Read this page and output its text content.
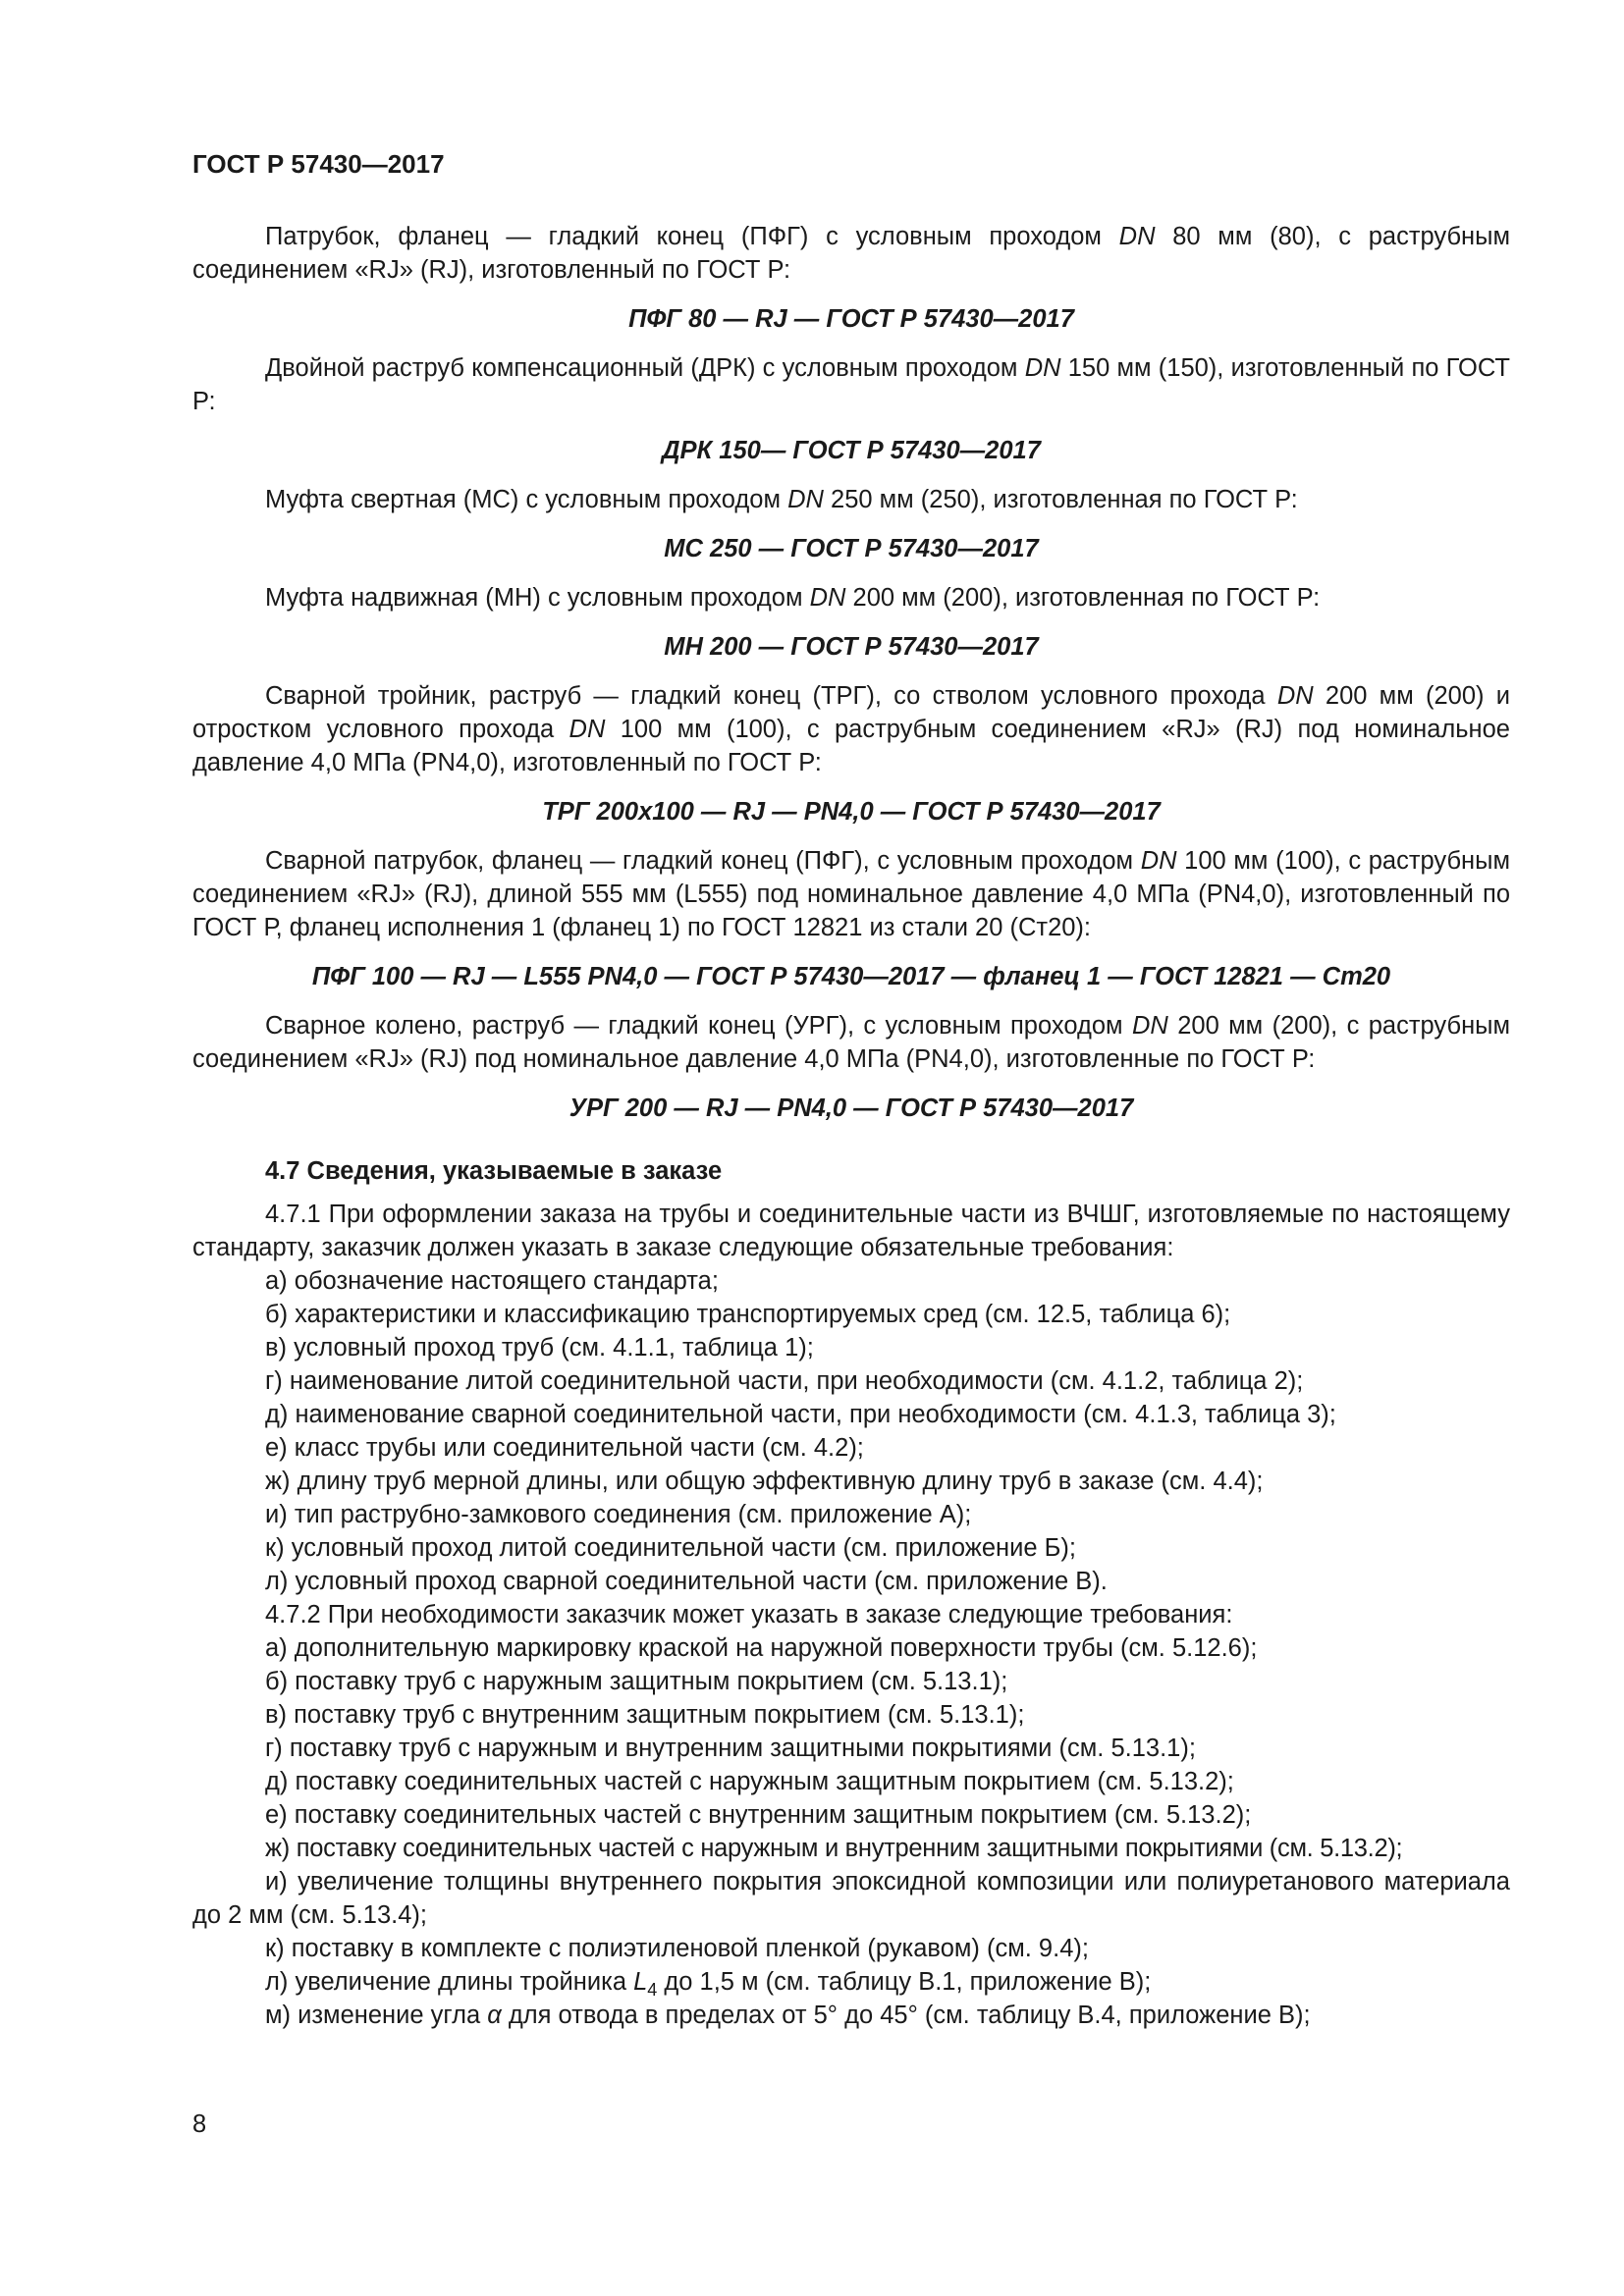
ГОСТ Р 57430—2017

Патрубок, фланец — гладкий конец (ПФГ) с условным проходом DN 80 мм (80), с раструбным соединением «RJ» (RJ), изготовленный по ГОСТ Р:

ПФГ 80 — RJ — ГОСТ Р 57430—2017

Двойной раструб компенсационный (ДРК) с условным проходом DN 150 мм (150), изготовленный по ГОСТ Р:

ДРК 150— ГОСТ Р 57430—2017

Муфта свертная (МС) с условным проходом DN 250 мм (250), изготовленная по ГОСТ Р:

МС 250 — ГОСТ Р 57430—2017

Муфта надвижная (МН) с условным проходом DN 200 мм (200), изготовленная по ГОСТ Р:

МН 200 — ГОСТ Р 57430—2017

Сварной тройник, раструб — гладкий конец (ТРГ), со стволом условного прохода DN 200 мм (200) и отростком условного прохода DN 100 мм (100), с раструбным соединением «RJ» (RJ) под номинальное давление 4,0 МПа (PN4,0), изготовленный по ГОСТ Р:

ТРГ 200х100 — RJ — PN4,0 — ГОСТ Р 57430—2017

Сварной патрубок, фланец — гладкий конец (ПФГ), с условным проходом DN 100 мм (100), с раструбным соединением «RJ» (RJ), длиной 555 мм (L555) под номинальное давление 4,0 МПа (PN4,0), изготовленный по ГОСТ Р, фланец исполнения 1 (фланец 1) по ГОСТ 12821 из стали 20 (Ст20):

ПФГ 100 — RJ — L555 PN4,0 — ГОСТ Р 57430—2017 — фланец 1 — ГОСТ 12821 — Ст20

Сварное колено, раструб — гладкий конец (УРГ), с условным проходом DN 200 мм (200), с раструбным соединением «RJ» (RJ) под номинальное давление 4,0 МПа (PN4,0), изготовленные по ГОСТ Р:

УРГ 200 — RJ — PN4,0 — ГОСТ Р 57430—2017
4.7 Сведения, указываемые в заказе

4.7.1 При оформлении заказа на трубы и соединительные части из ВЧШГ, изготовляемые по настоящему стандарту, заказчик должен указать в заказе следующие обязательные требования:

а) обозначение настоящего стандарта;

б) характеристики и классификацию транспортируемых сред (см. 12.5, таблица 6);

в) условный проход труб (см. 4.1.1, таблица 1);

г) наименование литой соединительной части, при необходимости (см. 4.1.2, таблица 2);

д) наименование сварной соединительной части, при необходимости (см. 4.1.3, таблица 3);

е) класс трубы или соединительной части (см. 4.2);

ж) длину труб мерной длины, или общую эффективную длину труб в заказе (см. 4.4);

и) тип раструбно-замкового соединения (см. приложение А);

к) условный проход литой соединительной части (см. приложение Б);

л) условный проход сварной соединительной части (см. приложение В).

4.7.2 При необходимости заказчик может указать в заказе следующие требования:

а) дополнительную маркировку краской на наружной поверхности трубы (см. 5.12.6);

б) поставку труб с наружным защитным покрытием (см. 5.13.1);

в) поставку труб с внутренним защитным покрытием (см. 5.13.1);

г) поставку труб с наружным и внутренним защитными покрытиями (см. 5.13.1);

д) поставку соединительных частей с наружным защитным покрытием (см. 5.13.2);

е) поставку соединительных частей с внутренним защитным покрытием (см. 5.13.2);

ж) поставку соединительных частей с наружным и внутренним защитными покрытиями (см. 5.13.2);

и) увеличение толщины внутреннего покрытия эпоксидной композиции или полиуретанового материала до 2 мм (см. 5.13.4);

к) поставку в комплекте с полиэтиленовой пленкой (рукавом) (см. 9.4);

л) увеличение длины тройника $L_4$ до 1,5 м (см. таблицу В.1, приложение В);

м) изменение угла α для отвода в пределах от 5° до 45° (см. таблицу В.4, приложение В);

8
